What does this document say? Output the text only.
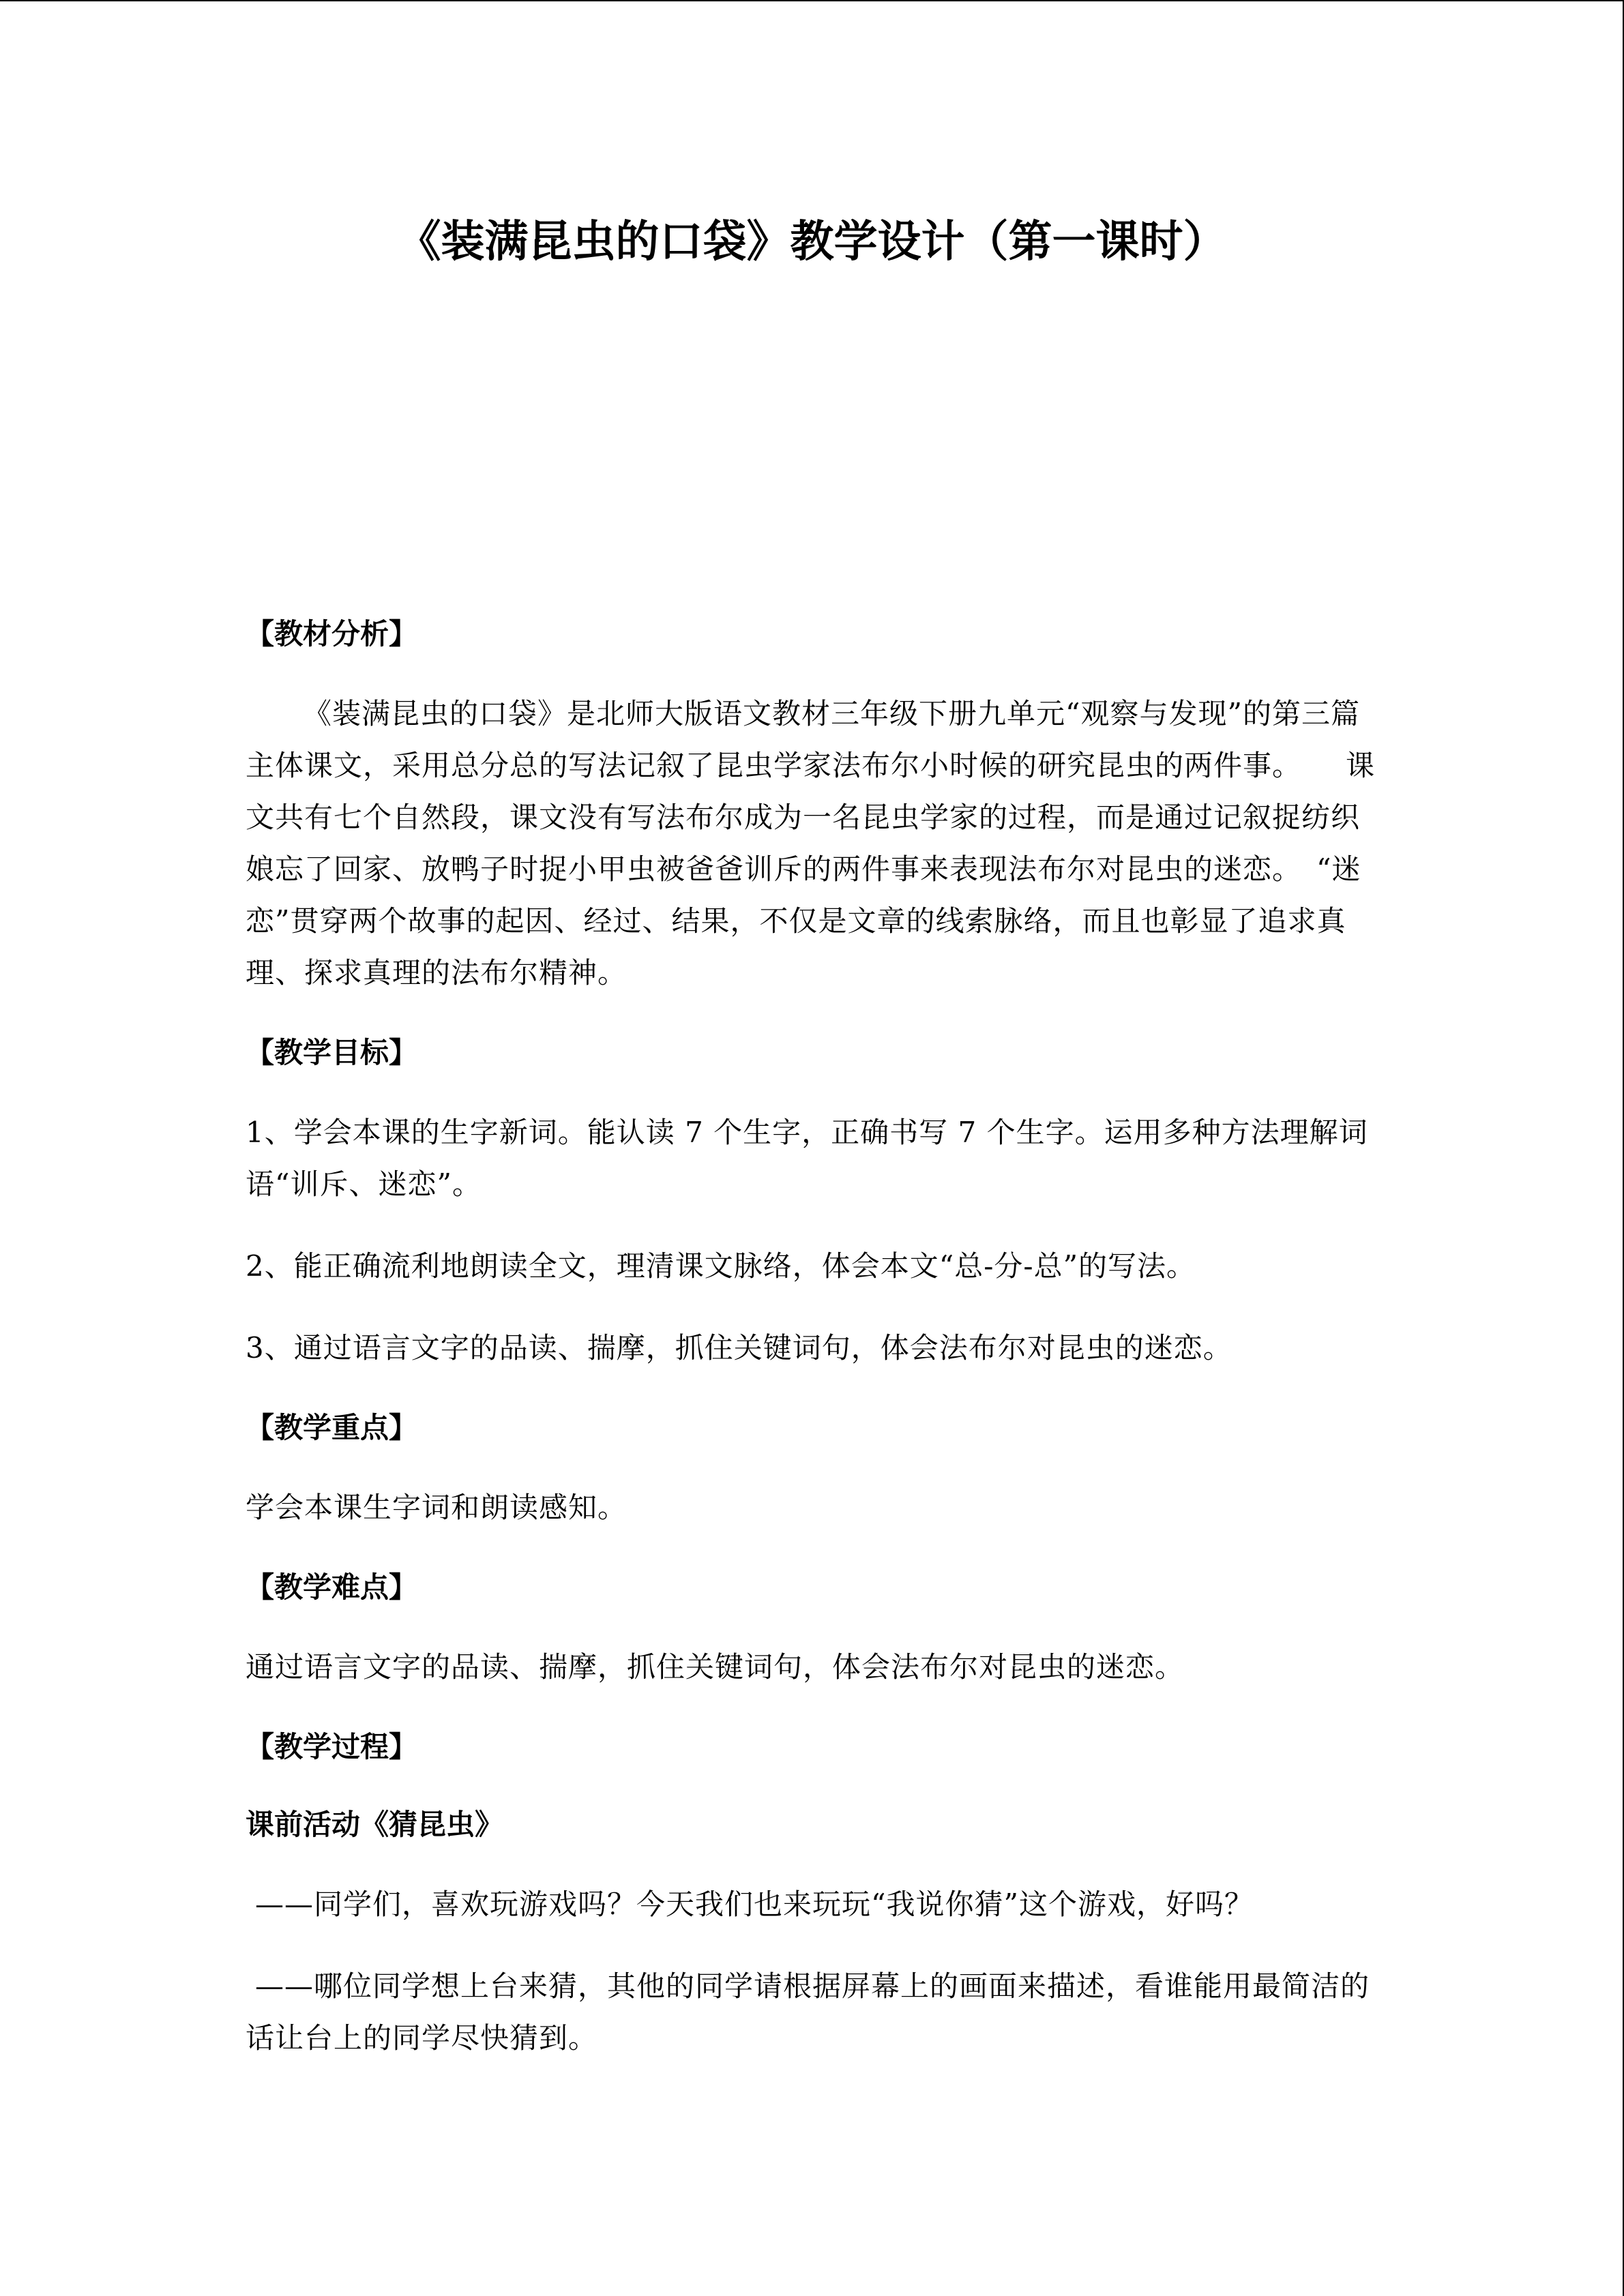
《装满昆虫的口袋》教学设计（第一课时）
【教材分析】

《装满昆虫的口袋》是北师大版语文教材三年级下册九单元“观察与发现”的第三篇主体课文，采用总分总的写法记叙了昆虫学家法布尔小时候的研究昆虫的两件事。　　课文共有七个自然段，课文没有写法布尔成为一名昆虫学家的过程，而是通过记叙捉纺织娘忘了回家、放鸭子时捉小甲虫被爸爸训斥的两件事来表现法布尔对昆虫的迷恋。　“迷恋”贯穿两个故事的起因、经过、结果，不仅是文章的线索脉络，而且也彰显了追求真理、探求真理的法布尔精神。

【教学目标】

1、学会本课的生字新词。能认读 7 个生字，正确书写 7 个生字。运用多种方法理解词语“训斥、迷恋”。

2、能正确流利地朗读全文，理清课文脉络，体会本文“总-分-总”的写法。

3、通过语言文字的品读、揣摩，抓住关键词句，体会法布尔对昆虫的迷恋。

【教学重点】

学会本课生字词和朗读感知。

【教学难点】

通过语言文字的品读、揣摩，抓住关键词句，体会法布尔对昆虫的迷恋。

【教学过程】
课前活动《猜昆虫》

——同学们，喜欢玩游戏吗？今天我们也来玩玩“我说你猜”这个游戏，好吗？

——哪位同学想上台来猜，其他的同学请根据屏幕上的画面来描述，看谁能用最简洁的话让台上的同学尽快猜到。
